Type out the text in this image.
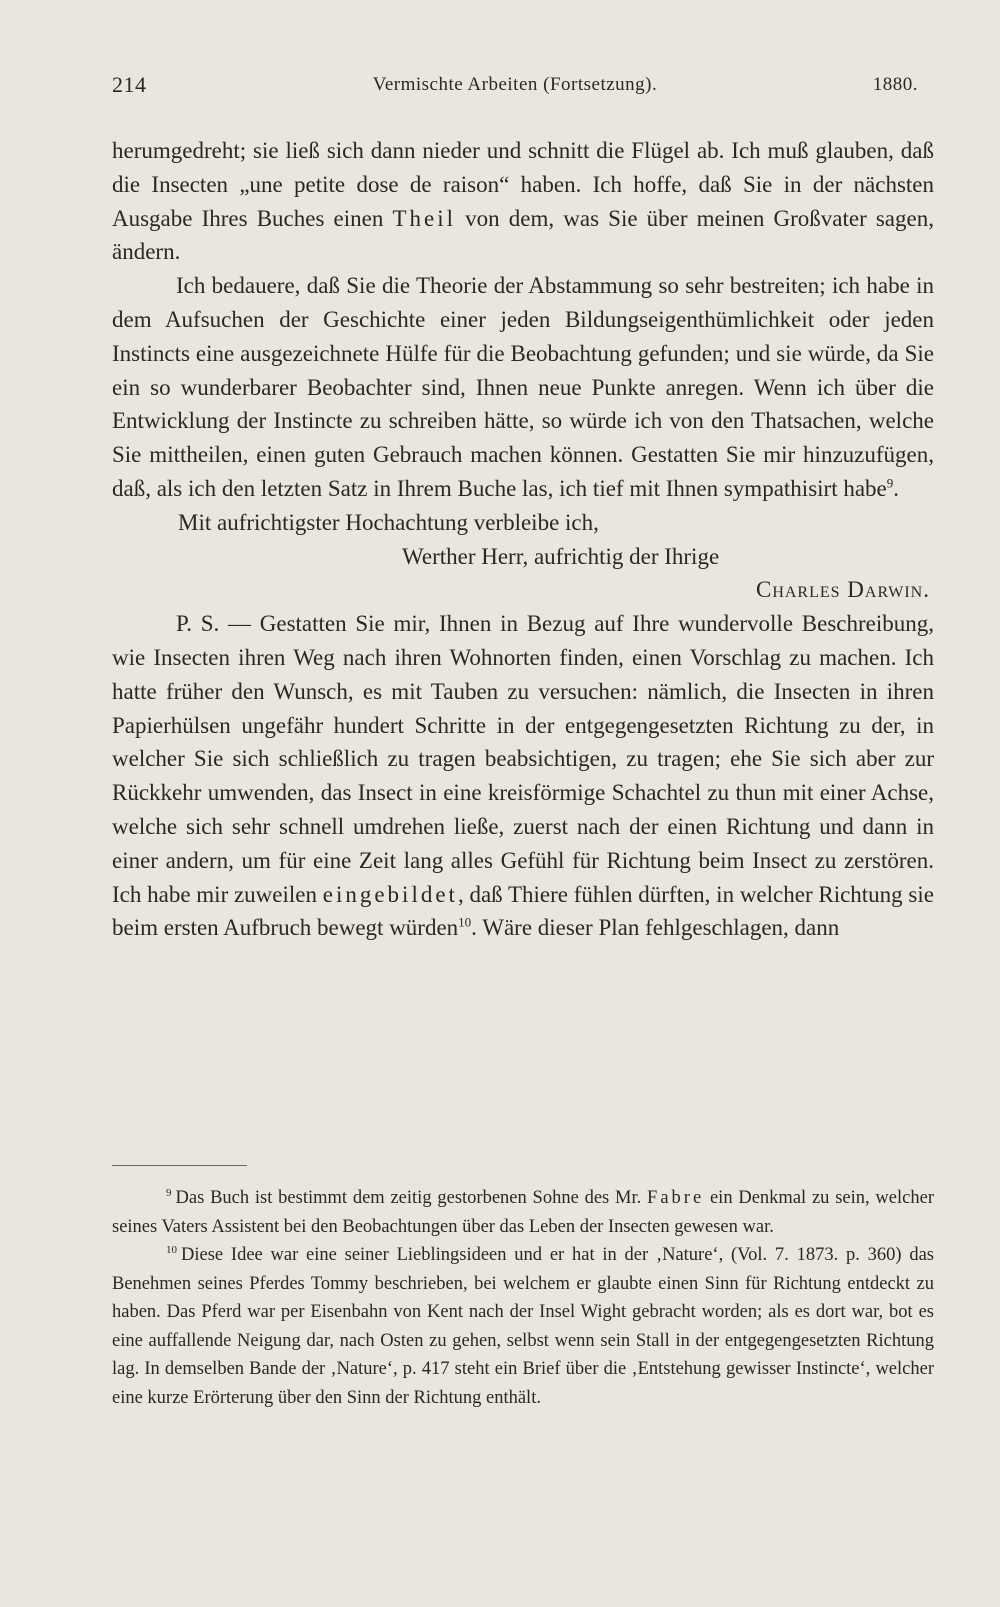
214	Vermischte Arbeiten (Fortsetzung).	1880.

herumgedreht; sie ließ sich dann nieder und schnitt die Flügel ab. Ich muß glauben, daß die Insecten „une petite dose de raison“ haben. Ich hoffe, daß Sie in der nächsten Ausgabe Ihres Buches einen Theil von dem, was Sie über meinen Großvater sagen, ändern.

Ich bedauere, daß Sie die Theorie der Abstammung so sehr bestreiten; ich habe in dem Aufsuchen der Geschichte einer jeden Bildungseigenthümlichkeit oder jeden Instincts eine ausgezeichnete Hülfe für die Beobachtung gefunden; und sie würde, da Sie ein so wunderbarer Beobachter sind, Ihnen neue Punkte anregen. Wenn ich über die Entwicklung der Instincte zu schreiben hätte, so würde ich von den Thatsachen, welche Sie mittheilen, einen guten Gebrauch machen können. Gestatten Sie mir hinzuzufügen, daß, als ich den letzten Satz in Ihrem Buche las, ich tief mit Ihnen sympathisirt habe$^9$.

Mit aufrichtigster Hochachtung verbleibe ich,

Werther Herr, aufrichtig der Ihrige

Charles Darwin.

P. S. — Gestatten Sie mir, Ihnen in Bezug auf Ihre wundervolle Beschreibung, wie Insecten ihren Weg nach ihren Wohnorten finden, einen Vorschlag zu machen. Ich hatte früher den Wunsch, es mit Tauben zu versuchen: nämlich, die Insecten in ihren Papierhülsen ungefähr hundert Schritte in der entgegengesetzten Richtung zu der, in welcher Sie sich schließlich zu tragen beabsichtigen, zu tragen; ehe Sie sich aber zur Rückkehr umwenden, das Insect in eine kreisförmige Schachtel zu thun mit einer Achse, welche sich sehr schnell umdrehen ließe, zuerst nach der einen Richtung und dann in einer andern, um für eine Zeit lang alles Gefühl für Richtung beim Insect zu zerstören. Ich habe mir zuweilen eingebildet, daß Thiere fühlen dürften, in welcher Richtung sie beim ersten Aufbruch bewegt würden$^{10}$. Wäre dieser Plan fehlgeschlagen, dann

$^9$ Das Buch ist bestimmt dem zeitig gestorbenen Sohne des Mr. Fabre ein Denkmal zu sein, welcher seines Vaters Assistent bei den Beobachtungen über das Leben der Insecten gewesen war.

$^{10}$ Diese Idee war eine seiner Lieblingsideen und er hat in der ‚Nature‘, (Vol. 7. 1873. p. 360) das Benehmen seines Pferdes Tommy beschrieben, bei welchem er glaubte einen Sinn für Richtung entdeckt zu haben. Das Pferd war per Eisenbahn von Kent nach der Insel Wight gebracht worden; als es dort war, bot es eine auffallende Neigung dar, nach Osten zu gehen, selbst wenn sein Stall in der entgegengesetzten Richtung lag. In demselben Bande der ‚Nature‘, p. 417 steht ein Brief über die ‚Entstehung gewisser Instincte‘, welcher eine kurze Erörterung über den Sinn der Richtung enthält.
